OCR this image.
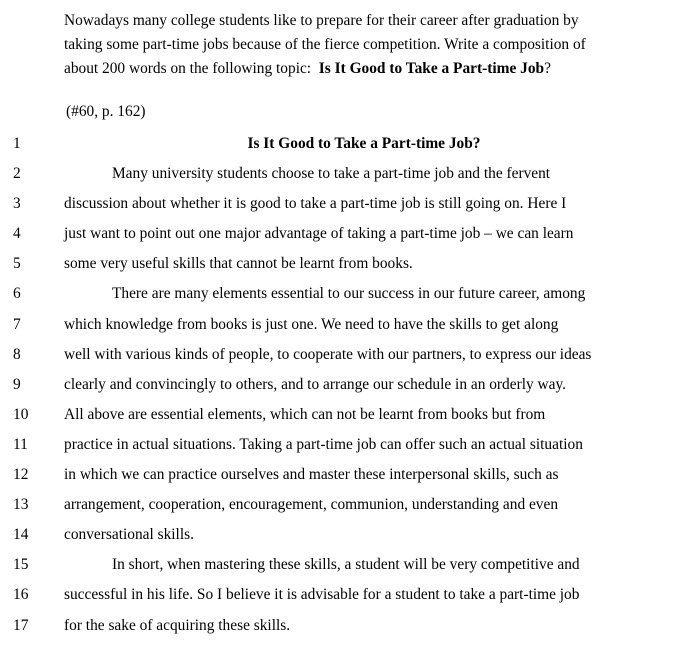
Nowadays many college students like to prepare for their career after graduation by
taking some part-time jobs because of the fierce competition. Write a composition of
about 200 words on the following topic: Is It Good to Take a Part-time Job?
(#60, p. 162)
1	Is It Good to Take a Part-time Job?
2	Many university students choose to take a part-time job and the fervent
3	discussion about whether it is good to take a part-time job is still going on. Here I
4	just want to point out one major advantage of taking a part-time job – we can learn
5	some very useful skills that cannot be learnt from books.
6	There are many elements essential to our success in our future career, among
7	which knowledge from books is just one. We need to have the skills to get along
8	well with various kinds of people, to cooperate with our partners, to express our ideas
9	clearly and convincingly to others, and to arrange our schedule in an orderly way.
10	All above are essential elements, which can not be learnt from books but from
11	practice in actual situations. Taking a part-time job can offer such an actual situation
12	in which we can practice ourselves and master these interpersonal skills, such as
13	arrangement, cooperation, encouragement, communion, understanding and even
14	conversational skills.
15	In short, when mastering these skills, a student will be very competitive and
16	successful in his life. So I believe it is advisable for a student to take a part-time job
17	for the sake of acquiring these skills.
